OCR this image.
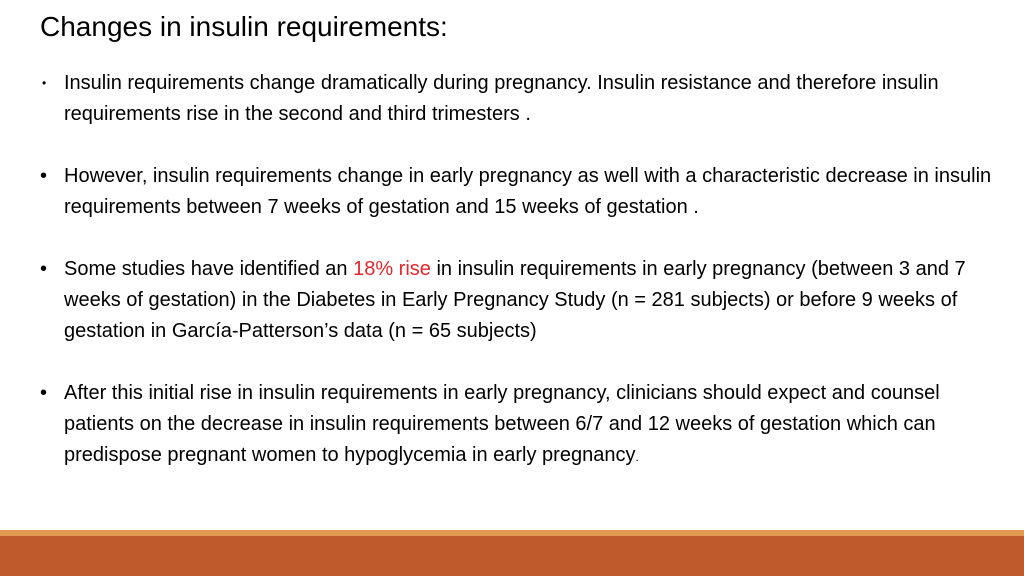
Changes in insulin requirements:
• Insulin requirements change dramatically during pregnancy. Insulin resistance and therefore insulin requirements rise in the second and third trimesters .
• However, insulin requirements change in early pregnancy as well with a characteristic decrease in insulin requirements between 7 weeks of gestation and 15 weeks of gestation .
• Some studies have identified an 18% rise in insulin requirements in early pregnancy (between 3 and 7 weeks of gestation) in the Diabetes in Early Pregnancy Study (n = 281 subjects) or before 9 weeks of gestation in García-Patterson’s data (n = 65 subjects)
• After this initial rise in insulin requirements in early pregnancy, clinicians should expect and counsel patients on the decrease in insulin requirements between 6/7 and 12 weeks of gestation which can predispose pregnant women to hypoglycemia in early pregnancy.
